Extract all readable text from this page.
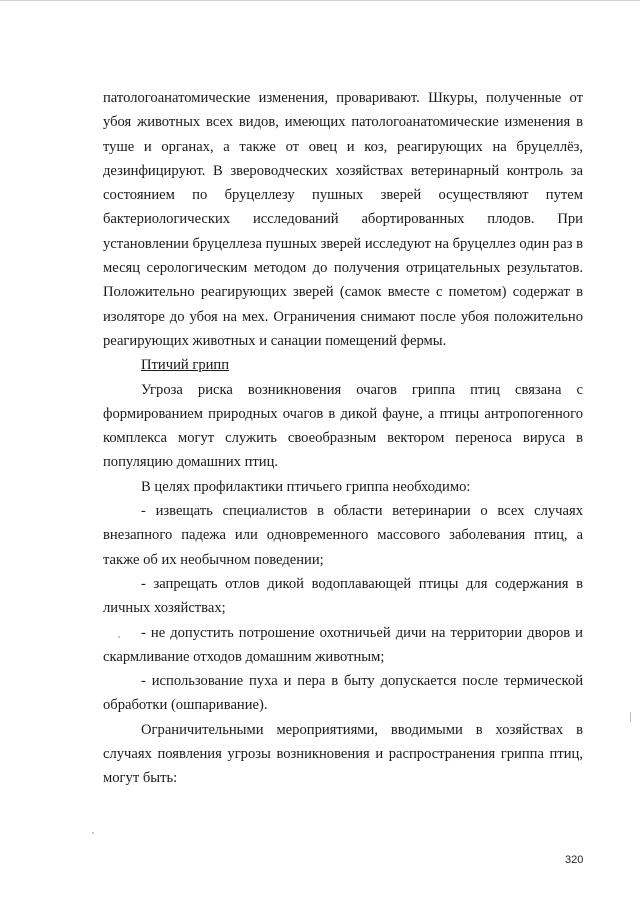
патологоанатомические изменения, проваривают. Шкуры, полученные от убоя животных всех видов, имеющих патологоанатомические изменения в туше и органах, а также от овец и коз, реагирующих на бруцеллёз, дезинфицируют. В звероводческих хозяйствах ветеринарный контроль за состоянием по бруцеллезу пушных зверей осуществляют путем бактериологических исследований абортированных плодов. При установлении бруцеллеза пушных зверей исследуют на бруцеллез один раз в месяц серологическим методом до получения отрицательных результатов. Положительно реагирующих зверей (самок вместе с пометом) содержат в изоляторе до убоя на мех. Ограничения снимают после убоя положительно реагирующих животных и санации помещений фермы.

Птичий грипп

Угроза риска возникновения очагов гриппа птиц связана с формированием природных очагов в дикой фауне, а птицы антропогенного комплекса могут служить своеобразным вектором переноса вируса в популяцию домашних птиц.

В целях профилактики птичьего гриппа необходимо:

- извещать специалистов в области ветеринарии о всех случаях внезапного падежа или одновременного массового заболевания птиц, а также об их необычном поведении;

- запрещать отлов дикой водоплавающей птицы для содержания в личных хозяйствах;

- не допустить потрошение охотничьей дичи на территории дворов и скармливание отходов домашним животным;

- использование пуха и пера в быту допускается после термической обработки (ошпаривание).

Ограничительными мероприятиями, вводимыми в хозяйствах в случаях появления угрозы возникновения и распространения гриппа птиц, могут быть:

320
